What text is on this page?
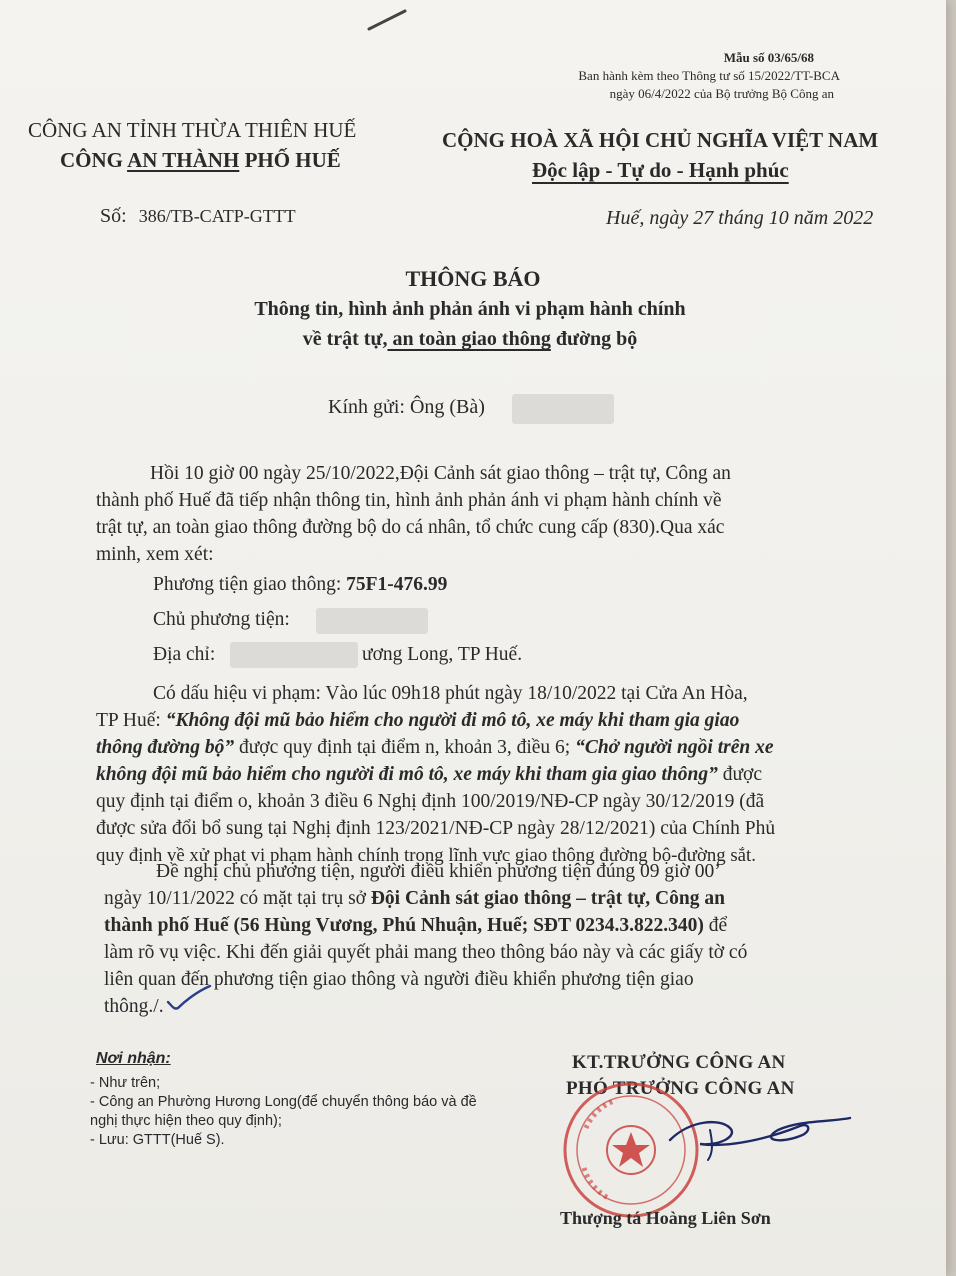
Mẫu số 03/65/68
Ban hành kèm theo Thông tư số 15/2022/TT-BCA
ngày 06/4/2022 của Bộ trưởng Bộ Công an
CÔNG AN TỈNH THỪA THIÊN HUẾ
CÔNG AN THÀNH PHỐ HUẾ
CỘNG HOÀ XÃ HỘI CHỦ NGHĨA VIỆT NAM
Độc lập - Tự do - Hạnh phúc
Số: 386/TB-CATP-GTTT	Huế, ngày 27 tháng 10 năm 2022
THÔNG BÁO
Thông tin, hình ảnh phản ánh vi phạm hành chính
về trật tự, an toàn giao thông đường bộ
Kính gửi: Ông (Bà)
Hồi 10 giờ 00 ngày 25/10/2022,Đội Cảnh sát giao thông – trật tự, Công an
thành phố Huế đã tiếp nhận thông tin, hình ảnh phản ánh vi phạm hành chính về
trật tự, an toàn giao thông đường bộ do cá nhân, tổ chức cung cấp (830).Qua xác
minh, xem xét:
Phương tiện giao thông: 75F1-476.99
Chủ phương tiện:
Địa chỉ:	ương Long, TP Huế.
Có dấu hiệu vi phạm: Vào lúc 09h18 phút ngày 18/10/2022 tại Cửa An Hòa,
TP Huế: “Không đội mũ bảo hiểm cho người đi mô tô, xe máy khi tham gia giao
thông đường bộ” được quy định tại điểm n, khoản 3, điều 6; “Chở người ngồi trên xe
không đội mũ bảo hiểm cho người đi mô tô, xe máy khi tham gia giao thông” được
quy định tại điểm o, khoản 3 điều 6 Nghị định 100/2019/NĐ-CP ngày 30/12/2019 (đã
được sửa đổi bổ sung tại Nghị định 123/2021/NĐ-CP ngày 28/12/2021) của Chính Phủ
quy định về xử phạt vi phạm hành chính trong lĩnh vực giao thông đường bộ-đường sắt.
Đề nghị chủ phương tiện, người điều khiển phương tiện đúng 09 giờ 00’
ngày 10/11/2022 có mặt tại trụ sở Đội Cảnh sát giao thông – trật tự, Công an
thành phố Huế (56 Hùng Vương, Phú Nhuận, Huế; SĐT 0234.3.822.340) để
làm rõ vụ việc. Khi đến giải quyết phải mang theo thông báo này và các giấy tờ có
liên quan đến phương tiện giao thông và người điều khiển phương tiện giao
thông./.
Nơi nhận:
- Như trên;
- Công an Phường Hương Long(để chuyển thông báo và đề nghị thực hiện theo quy định);
- Lưu: GTTT(Huế S).
KT.TRƯỞNG CÔNG AN
PHÓ TRƯỞNG CÔNG AN
Thượng tá Hoàng Liên Sơn
